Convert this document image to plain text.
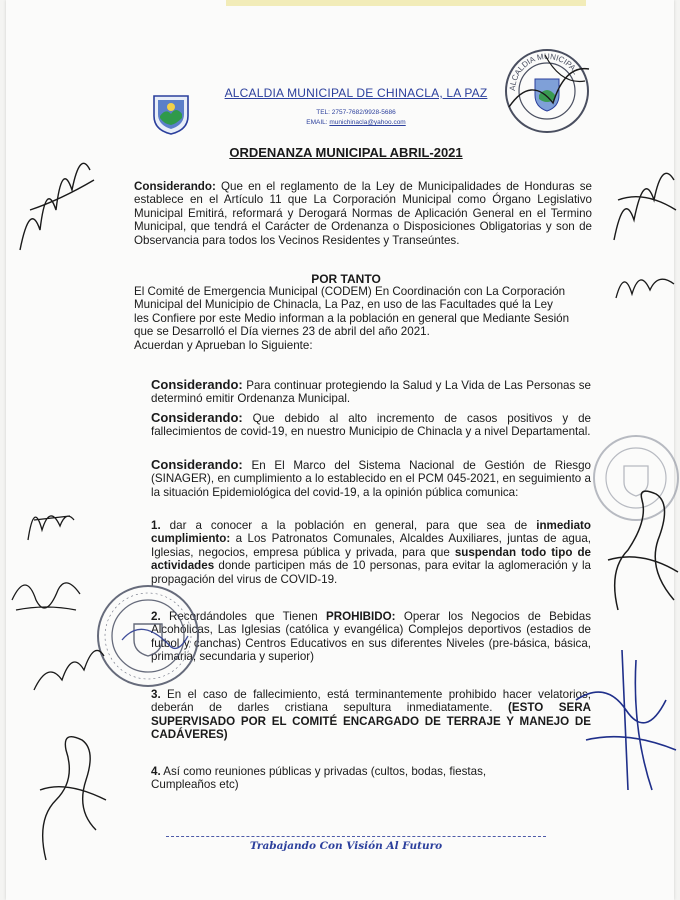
ALCALDIA MUNICIPAL DE CHINACLA, LA PAZ
TEL: 2757-7682/9928-5686
EMAIL: munichinacla@yahoo.com
ALCALDIA MUNICIPAL
ORDENANZA MUNICIPAL ABRIL-2021

Considerando: Que en el reglamento de la Ley de Municipalidades de Honduras se establece en el Artículo 11 que La Corporación Municipal como Órgano Legislativo Municipal Emitirá, reformará y Derogará Normas de Aplicación General en el Termino Municipal, que tendrá el Carácter de Ordenanza o Disposiciones Obligatorias y son de Observancia para todos los Vecinos Residentes y Transeúntes.

POR TANTO

El Comité de Emergencia Municipal (CODEM) En Coordinación con La Corporación
Municipal del Municipio de Chinacla, La Paz, en uso de las Facultades qué la Ley
les Confiere por este Medio informan a la población en general que Mediante Sesión
que se Desarrolló el Día viernes 23 de abril del año 2021.
Acuerdan y Aprueban lo Siguiente:

Considerando: Para continuar protegiendo la Salud y La Vida de Las Personas se determinó emitir Ordenanza Municipal.

Considerando: Que debido al alto incremento de casos positivos y de fallecimientos de covid-19, en nuestro Municipio de Chinacla y a nivel Departamental.

Considerando: En El Marco del Sistema Nacional de Gestión de Riesgo (SINAGER), en cumplimiento a lo establecido en el PCM 045-2021, en seguimiento a la situación Epidemiológica del covid-19, a la opinión pública comunica:

1. dar a conocer a la población en general, para que sea de inmediato cumplimiento: a Los Patronatos Comunales, Alcaldes Auxiliares, juntas de agua, Iglesias, negocios, empresa pública y privada, para que suspendan todo tipo de actividades donde participen más de 10 personas, para evitar la aglomeración y la propagación del virus de COVID-19.

2. Recordándoles que Tienen PROHIBIDO: Operar los Negocios de Bebidas Alcohólicas, Las Iglesias (católica y evangélica) Complejos deportivos (estadios de futbol y canchas) Centros Educativos en sus diferentes Niveles (pre-básica, básica, primaria, secundaria y superior)

3. En el caso de fallecimiento, está terminantemente prohibido hacer velatorios, deberán de darles cristiana sepultura inmediatamente. (ESTO SERA SUPERVISADO POR EL COMITÉ ENCARGADO DE TERRAJE Y MANEJO DE CADÁVERES)

4. Así como reuniones públicas y privadas (cultos, bodas, fiestas,
Cumpleaños etc)

Trabajando Con Visión Al Futuro
